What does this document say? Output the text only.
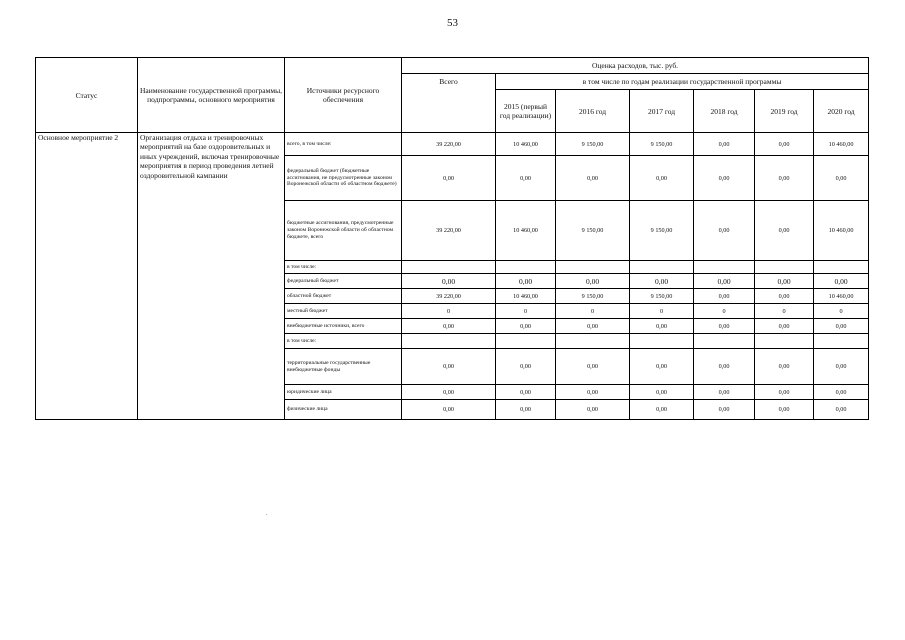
53
Статус	Наименование государственной программы, подпрограммы, основного мероприятия	Источники ресурсного обеспечения	Оценка расходов, тыс. руб.						
			Всего	в том числе по годам реализации государственной программы					
				2015 (первый год реализации)	2016 год	2017 год	2018 год	2019 год	2020 год
Основное мероприятие 2	Организация отдыха и тренировочных мероприятий на базе оздоровительных и иных учреждений, включая тренировочные мероприятия в период проведения летней оздоровительной кампании	всего, в том числе:	39 220,00	10 460,00	9 150,00	9 150,00	0,00	0,00	10 460,00
		федеральный бюджет (бюджетные ассигнования, не предусмотренные законом Воронежской области об областном бюджете)	0,00	0,00	0,00	0,00	0,00	0,00	0,00
		бюджетные ассигнования, предусмотренные законом Воронежской области об областном бюджете, всего	39 220,00	10 460,00	9 150,00	9 150,00	0,00	0,00	10 460,00
		в том числе:							
		федеральный бюджет	0,00	0,00	0,00	0,00	0,00	0,00	0,00
		областной бюджет	39 220,00	10 460,00	9 150,00	9 150,00	0,00	0,00	10 460,00
		местный бюджет	0	0	0	0	0	0	0
		внебюджетные источники, всего	0,00	0,00	0,00	0,00	0,00	0,00	0,00
		в том числе:							
		территориальные государственные внебюджетные фонды	0,00	0,00	0,00	0,00	0,00	0,00	0,00
		юридические лица	0,00	0,00	0,00	0,00	0,00	0,00	0,00
		физические лица	0,00	0,00	0,00	0,00	0,00	0,00	0,00
.
